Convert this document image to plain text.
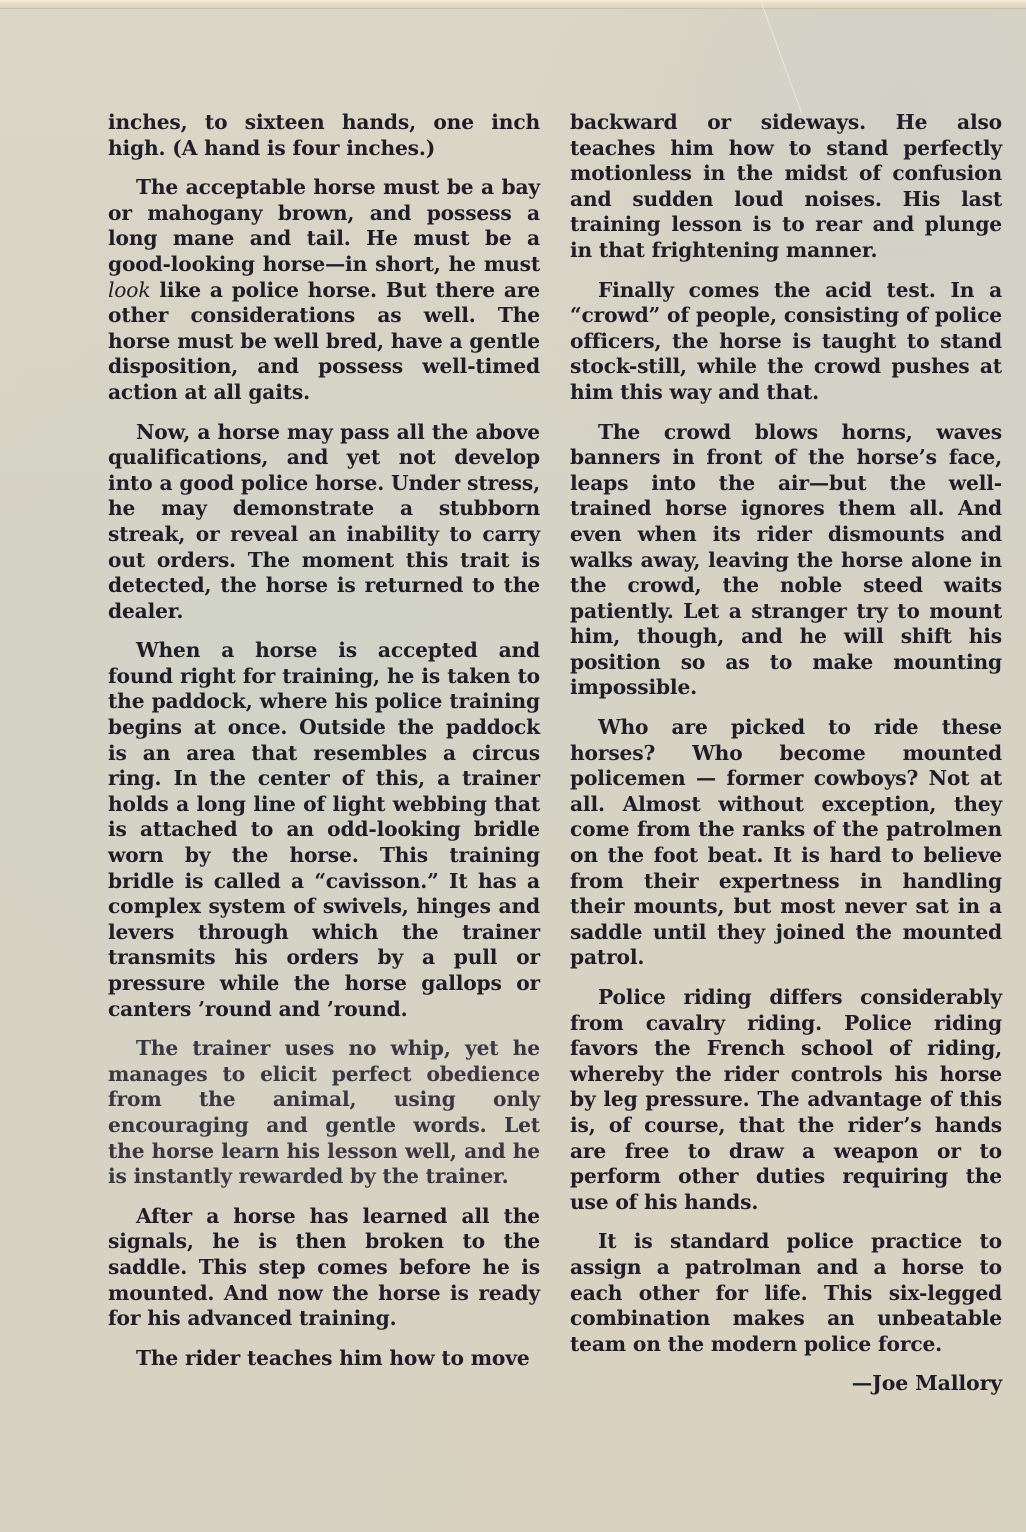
inches, to sixteen hands, one inch high. (A hand is four inches.)

The acceptable horse must be a bay or mahogany brown, and possess a long mane and tail. He must be a good-looking horse—in short, he must look like a police horse. But there are other considerations as well. The horse must be well bred, have a gentle disposition, and possess well-timed action at all gaits.

Now, a horse may pass all the above qualifications, and yet not develop into a good police horse. Under stress, he may demonstrate a stubborn streak, or reveal an inability to carry out orders. The moment this trait is detected, the horse is returned to the dealer.

When a horse is accepted and found right for training, he is taken to the paddock, where his police training begins at once. Outside the paddock is an area that resembles a circus ring. In the center of this, a trainer holds a long line of light webbing that is attached to an odd-looking bridle worn by the horse. This training bridle is called a “cavisson.” It has a complex system of swivels, hinges and levers through which the trainer transmits his orders by a pull or pressure while the horse gallops or canters ’round and ’round.

The trainer uses no whip, yet he manages to elicit perfect obedience from the animal, using only encouraging and gentle words. Let the horse learn his lesson well, and he is instantly rewarded by the trainer.

After a horse has learned all the signals, he is then broken to the saddle. This step comes before he is mounted. And now the horse is ready for his advanced training.

The rider teaches him how to move

backward or sideways. He also teaches him how to stand perfectly motionless in the midst of confusion and sudden loud noises. His last training lesson is to rear and plunge in that frightening manner.

Finally comes the acid test. In a “crowd” of people, consisting of police officers, the horse is taught to stand stock-still, while the crowd pushes at him this way and that.

The crowd blows horns, waves banners in front of the horse’s face, leaps into the air—but the well-trained horse ignores them all. And even when its rider dismounts and walks away, leaving the horse alone in the crowd, the noble steed waits patiently. Let a stranger try to mount him, though, and he will shift his position so as to make mounting impossible.

Who are picked to ride these horses? Who become mounted policemen — former cowboys? Not at all. Almost without exception, they come from the ranks of the patrolmen on the foot beat. It is hard to believe from their expertness in handling their mounts, but most never sat in a saddle until they joined the mounted patrol.

Police riding differs considerably from cavalry riding. Police riding favors the French school of riding, whereby the rider controls his horse by leg pressure. The advantage of this is, of course, that the rider’s hands are free to draw a weapon or to perform other duties requiring the use of his hands.

It is standard police practice to assign a patrolman and a horse to each other for life. This six-legged combination makes an unbeatable team on the modern police force.

—Joe Mallory
